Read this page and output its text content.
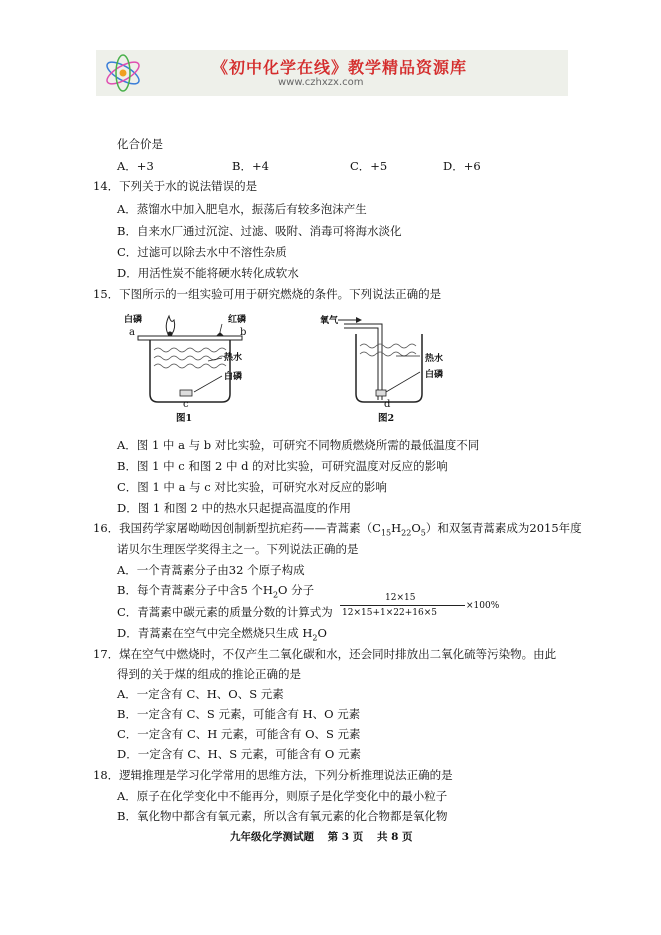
《初中化学在线》教学精品资源库
www.czhxzx.com
化合价是
A．+3	B．+4	C．+5	D．+6
14．下列关于水的说法错误的是
A．蒸馏水中加入肥皂水，振荡后有较多泡沫产生
B．自来水厂通过沉淀、过滤、吸附、消毒可将海水淡化
C．过滤可以除去水中不溶性杂质
D．用活性炭不能将硬水转化成软水
15．下图所示的一组实验可用于研究燃烧的条件。下列说法正确的是
白磷	红磷
a	b
热水
白磷
c
图1
氧气
热水
白磷
d
图2
A．图 1 中 a 与 b 对比实验，可研究不同物质燃烧所需的最低温度不同
B．图 1 中 c 和图 2 中 d 的对比实验，可研究温度对反应的影响
C．图 1 中 a 与 c 对比实验，可研究水对反应的影响
D．图 1 和图 2 中的热水只起提高温度的作用
16．我国药学家屠呦呦因创制新型抗疟药——青蒿素$(C_{15}H_{22}O_5)$和双氢青蒿素成为2015年度
诺贝尔生理医学奖得主之一。下列说法正确的是
A．一个青蒿素分子由32 个原子构成
B．每个青蒿素分子中含5 个$H_2O$ 分子
C．青蒿素中碳元素的质量分数的计算式为
12×15
12×15+1×22+16×5
×100%
D．青蒿素在空气中完全燃烧只生成 $H_2O$
17．煤在空气中燃烧时，不仅产生二氧化碳和水，还会同时排放出二氧化硫等污染物。由此
得到的关于煤的组成的推论正确的是
A．一定含有 C、H、O、S 元素
B．一定含有 C、S 元素，可能含有 H、O 元素
C．一定含有 C、H 元素，可能含有 O、S 元素
D．一定含有 C、H、S 元素，可能含有 O 元素
18．逻辑推理是学习化学常用的思维方法，下列分析推理说法正确的是
A．原子在化学变化中不能再分，则原子是化学变化中的最小粒子
B．氧化物中都含有氧元素，所以含有氧元素的化合物都是氧化物
九年级化学测试题 第 3 页 共 8 页
